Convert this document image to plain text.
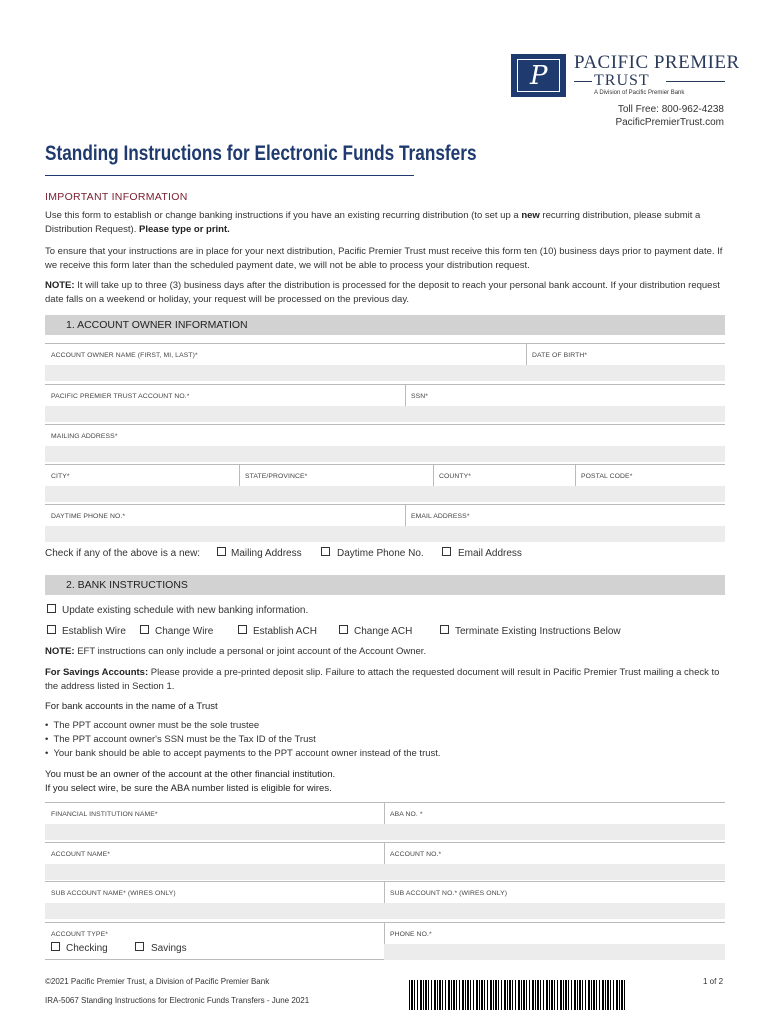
P PACIFIC PREMIER
TRUST
A Division of Pacific Premier Bank
Toll Free: 800-962-4238
PacificPremierTrust.com
Standing Instructions for Electronic Funds Transfers
IMPORTANT INFORMATION
Use this form to establish or change banking instructions if you have an existing recurring distribution (to set up a new recurring distribution, please submit a Distribution Request). Please type or print.
To ensure that your instructions are in place for your next distribution, Pacific Premier Trust must receive this form ten (10) business days prior to payment date. If we receive this form later than the scheduled payment date, we will not be able to process your distribution request.
NOTE: It will take up to three (3) business days after the distribution is processed for the deposit to reach your personal bank account. If your distribution request date falls on a weekend or holiday, your request will be processed on the previous day.
1. ACCOUNT OWNER INFORMATION
ACCOUNT OWNER NAME (FIRST, MI, LAST)*	DATE OF BIRTH*
PACIFIC PREMIER TRUST ACCOUNT NO.*	SSN*
MAILING ADDRESS*
CITY*	STATE/PROVINCE*	COUNTY*	POSTAL CODE*
DAYTIME PHONE NO.*	EMAIL ADDRESS*
Check if any of the above is a new:	Mailing Address	Daytime Phone No.	Email Address
2. BANK INSTRUCTIONS
Update existing schedule with new banking information.
Establish Wire	Change Wire	Establish ACH	Change ACH	Terminate Existing Instructions Below
NOTE: EFT instructions can only include a personal or joint account of the Account Owner.
For Savings Accounts: Please provide a pre-printed deposit slip. Failure to attach the requested document will result in Pacific Premier Trust mailing a check to the address listed in Section 1.
For bank accounts in the name of a Trust
•  The PPT account owner must be the sole trustee
•  The PPT account owner's SSN must be the Tax ID of the Trust
•  Your bank should be able to accept payments to the PPT account owner instead of the trust.
You must be an owner of the account at the other financial institution.
If you select wire, be sure the ABA number listed is eligible for wires.
FINANCIAL INSTITUTION NAME*	ABA NO. *
ACCOUNT NAME*	ACCOUNT NO.*
SUB ACCOUNT NAME* (WIRES ONLY)	SUB ACCOUNT NO.* (WIRES ONLY)
ACCOUNT TYPE*
Checking	Savings
PHONE NO.*
©2021 Pacific Premier Trust, a Division of Pacific Premier Bank
IRA-5067 Standing Instructions for Electronic Funds Transfers - June 2021
1 of 2
